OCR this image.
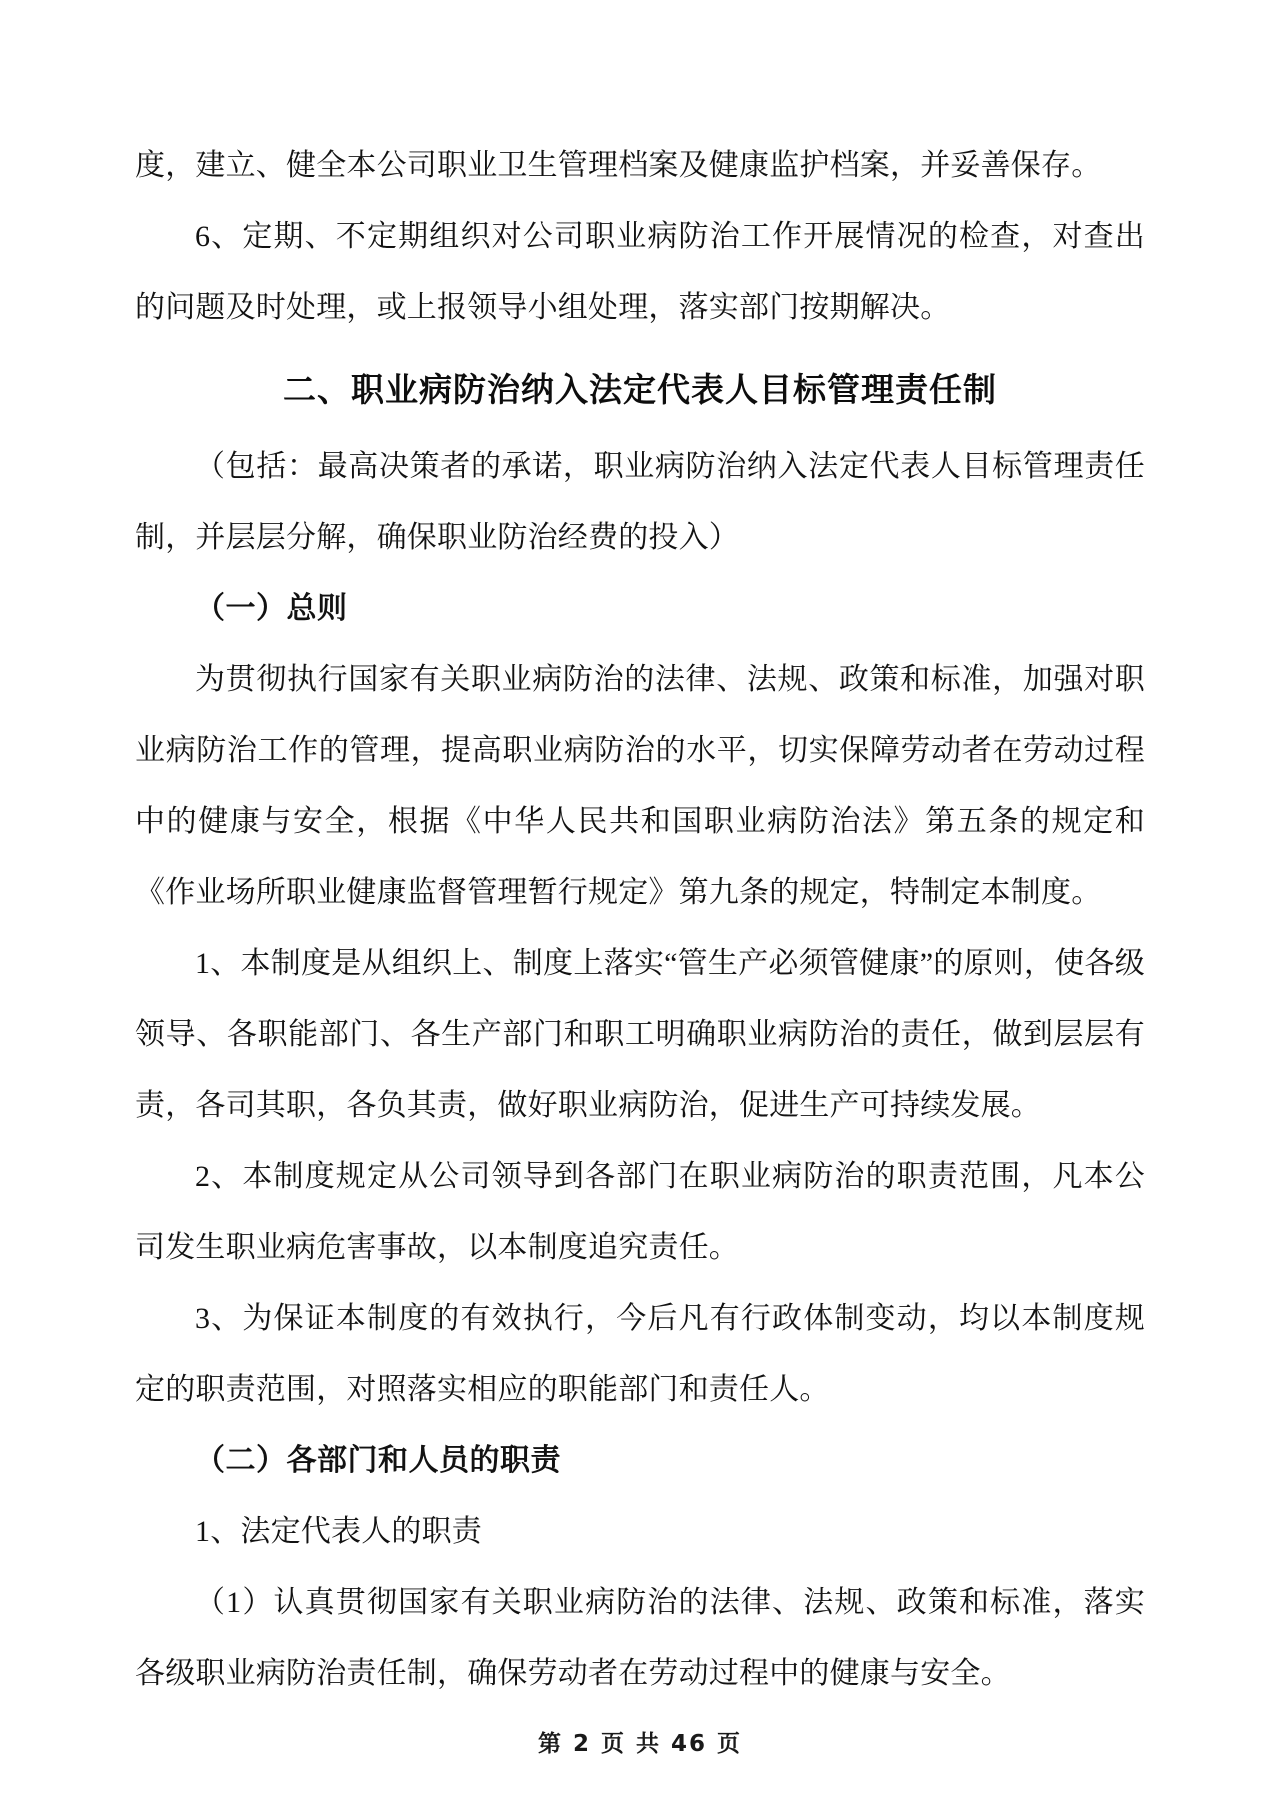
度，建立、健全本公司职业卫生管理档案及健康监护档案，并妥善保存。

6、定期、不定期组织对公司职业病防治工作开展情况的检查，对查出的问题及时处理，或上报领导小组处理，落实部门按期解决。

二、职业病防治纳入法定代表人目标管理责任制

（包括：最高决策者的承诺，职业病防治纳入法定代表人目标管理责任制，并层层分解，确保职业防治经费的投入）

（一）总则

为贯彻执行国家有关职业病防治的法律、法规、政策和标准，加强对职业病防治工作的管理，提高职业病防治的水平，切实保障劳动者在劳动过程中的健康与安全，根据《中华人民共和国职业病防治法》第五条的规定和《作业场所职业健康监督管理暂行规定》第九条的规定，特制定本制度。

1、本制度是从组织上、制度上落实“管生产必须管健康”的原则，使各级领导、各职能部门、各生产部门和职工明确职业病防治的责任，做到层层有责，各司其职，各负其责，做好职业病防治，促进生产可持续发展。

2、本制度规定从公司领导到各部门在职业病防治的职责范围，凡本公司发生职业病危害事故，以本制度追究责任。

3、为保证本制度的有效执行，今后凡有行政体制变动，均以本制度规定的职责范围，对照落实相应的职能部门和责任人。

（二）各部门和人员的职责

1、法定代表人的职责

（1）认真贯彻国家有关职业病防治的法律、法规、政策和标准，落实各级职业病防治责任制，确保劳动者在劳动过程中的健康与安全。

第 2 页 共 46 页
